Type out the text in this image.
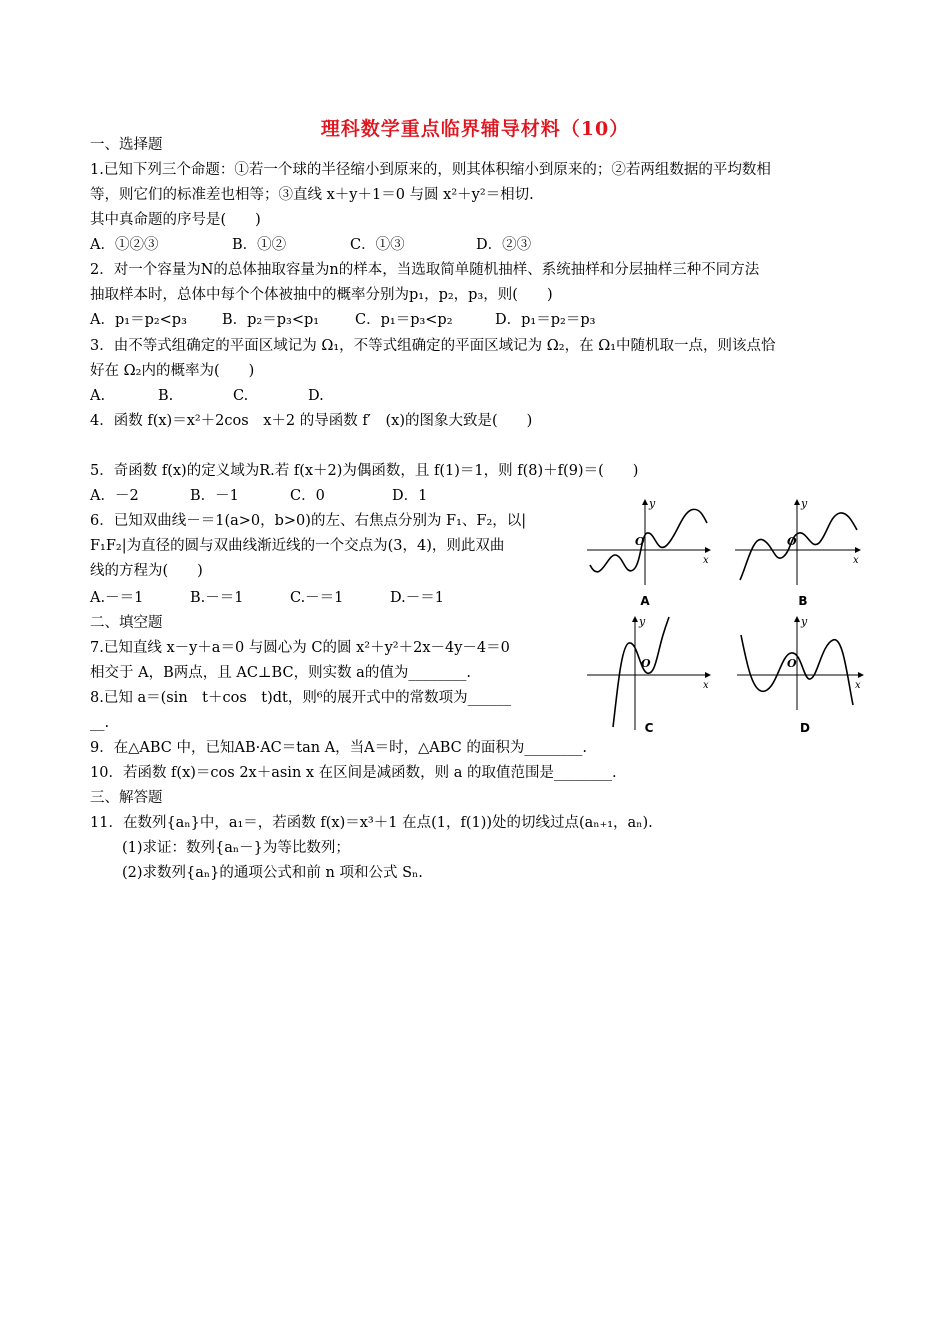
理科数学重点临界辅导材料（10）
一、选择题
1.已知下列三个命题：①若一个球的半径缩小到原来的，则其体积缩小到原来的；②若两组数据的平均数相
等，则它们的标准差也相等；③直线 x＋y＋1＝0 与圆 x²＋y²＝相切.
其中真命题的序号是(　　)
A．①②③	B．①②	C．①③	D．②③
2．对一个容量为N的总体抽取容量为n的样本，当选取简单随机抽样、系统抽样和分层抽样三种不同方法
抽取样本时，总体中每个个体被抽中的概率分别为p₁，p₂，p₃，则(　　)
A．p₁＝p₂<p₃ B．p₂＝p₃<p₁ C．p₁＝p₃<p₂	D．p₁＝p₂＝p₃
3．由不等式组确定的平面区域记为 Ω₁，不等式组确定的平面区域记为 Ω₂，在 Ω₁中随机取一点，则该点恰
好在 Ω₂内的概率为(　　)
A.	B.	C.	D.
4．函数 f(x)＝x²＋2cos　x＋2 的导函数 f′　(x)的图象大致是(　　)
5．奇函数 f(x)的定义域为R.若 f(x＋2)为偶函数，且 f(1)＝1，则 f(8)＋f(9)＝(　　)
A．－2	B．－1	C．0	D．1
6．已知双曲线－＝1(a>0，b>0)的左、右焦点分别为 F₁、F₂，以|
F₁F₂|为直径的圆与双曲线渐近线的一个交点为(3，4)，则此双曲
线的方程为(　　)
A.－＝1	B.－＝1	C.－＝1	D.－＝1
二、填空题
7.已知直线 x－y＋a＝0 与圆心为 C的圆 x²＋y²＋2x－4y－4＝0
相交于 A，B两点，且 AC⊥BC，则实数 a的值为________.
8.已知 a＝(sin　t＋cos　t)dt，则⁶的展开式中的常数项为______
__.
9．在△ABC 中，已知AB·AC＝tan A，当A＝时，△ABC 的面积为________.
10．若函数 f(x)＝cos 2x＋asin x 在区间是减函数，则 a 的取值范围是________.
三、解答题
11．在数列{aₙ}中，a₁＝，若函数 f(x)＝x³＋1 在点(1，f(1))处的切线过点(aₙ₊₁，aₙ).
(1)求证：数列{aₙ－}为等比数列；
(2)求数列{aₙ}的通项公式和前 n 项和公式 Sₙ.
y
x
O
A
y
x
O
B
y
x
O
C
y
x
O
D
